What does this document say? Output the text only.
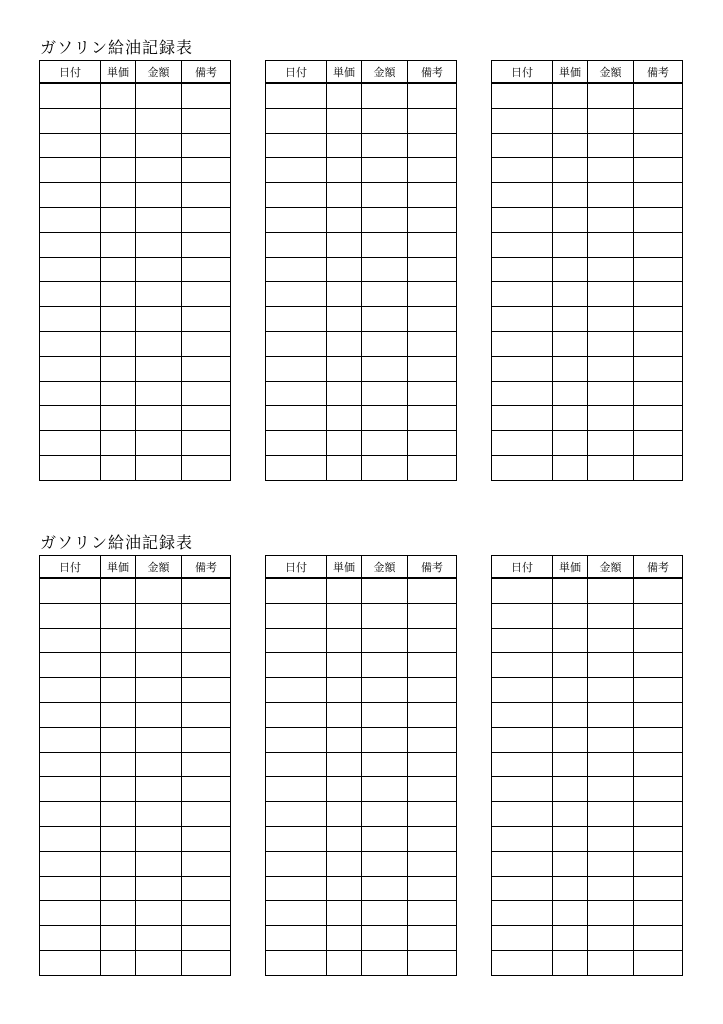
ガソリン給油記録表
日付	単価	金額	備考

				日付	単価	金額	備考

				日付	単価	金額	備考

ガソリン給油記録表
日付	単価	金額	備考

				日付	単価	金額	備考

				日付	単価	金額	備考
